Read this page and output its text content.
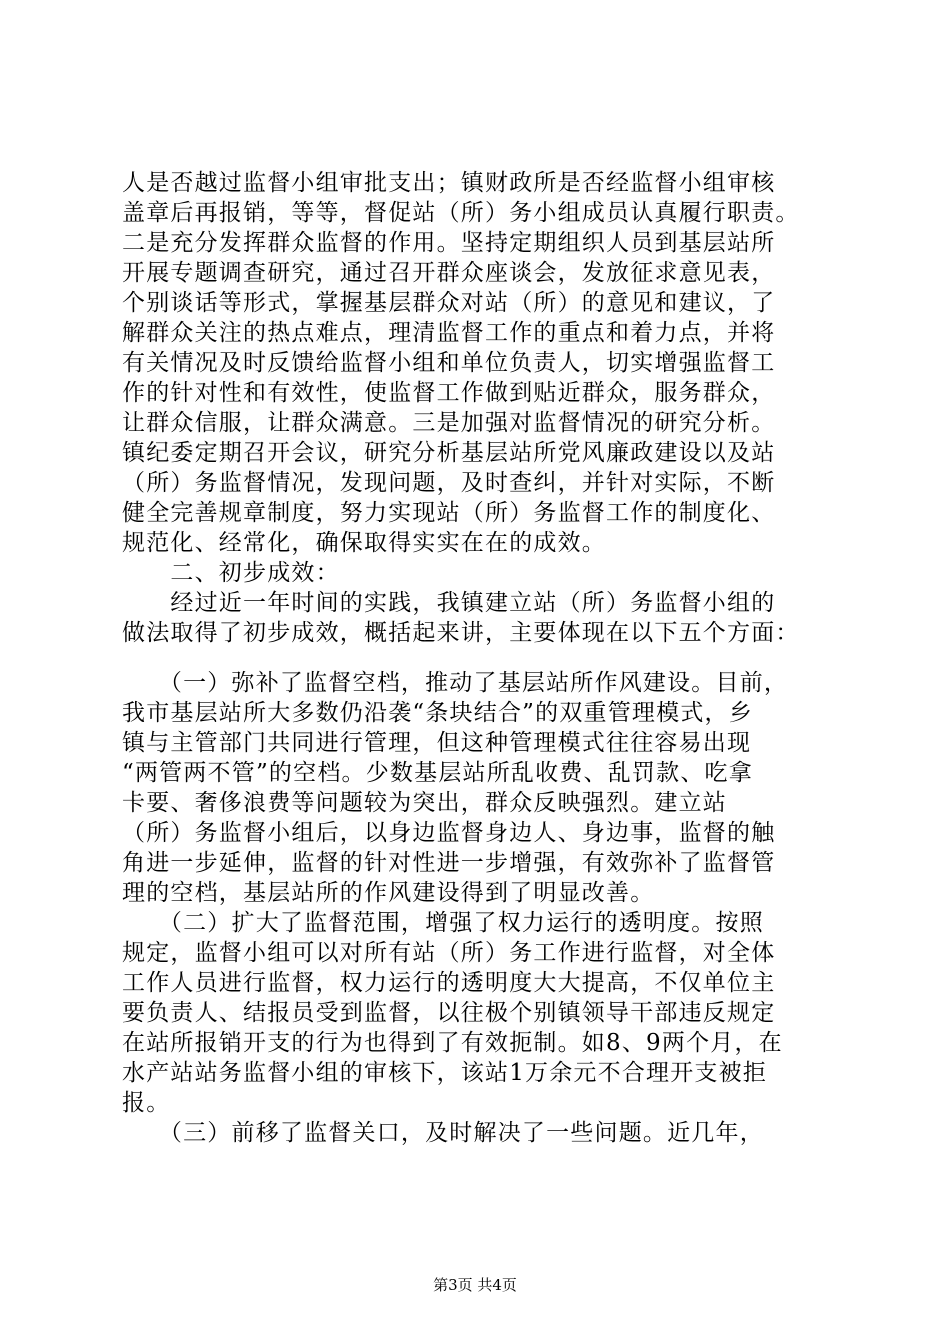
人是否越过监督小组审批支出；镇财政所是否经监督小组审核
盖章后再报销，等等，督促站（所）务小组成员认真履行职责。
二是充分发挥群众监督的作用。坚持定期组织人员到基层站所
开展专题调查研究，通过召开群众座谈会，发放征求意见表，
个别谈话等形式，掌握基层群众对站（所）的意见和建议，了
解群众关注的热点难点，理清监督工作的重点和着力点，并将
有关情况及时反馈给监督小组和单位负责人，切实增强监督工
作的针对性和有效性，使监督工作做到贴近群众，服务群众，
让群众信服，让群众满意。三是加强对监督情况的研究分析。
镇纪委定期召开会议，研究分析基层站所党风廉政建设以及站
（所）务监督情况，发现问题，及时查纠，并针对实际，不断
健全完善规章制度，努力实现站（所）务监督工作的制度化、
规范化、经常化，确保取得实实在在的成效。
　　二、初步成效：
　　经过近一年时间的实践，我镇建立站（所）务监督小组的
做法取得了初步成效，概括起来讲，主要体现在以下五个方面：
　　（一）弥补了监督空档，推动了基层站所作风建设。目前，
我市基层站所大多数仍沿袭“条块结合”的双重管理模式，乡
镇与主管部门共同进行管理，但这种管理模式往往容易出现
“两管两不管”的空档。少数基层站所乱收费、乱罚款、吃拿
卡要、奢侈浪费等问题较为突出，群众反映强烈。建立站
（所）务监督小组后，以身边监督身边人、身边事，监督的触
角进一步延伸，监督的针对性进一步增强，有效弥补了监督管
理的空档，基层站所的作风建设得到了明显改善。
　　（二）扩大了监督范围，增强了权力运行的透明度。按照
规定，监督小组可以对所有站（所）务工作进行监督，对全体
工作人员进行监督，权力运行的透明度大大提高，不仅单位主
要负责人、结报员受到监督，以往极个别镇领导干部违反规定
在站所报销开支的行为也得到了有效扼制。如8、9两个月，在
水产站站务监督小组的审核下，该站1万余元不合理开支被拒
报。
　　（三）前移了监督关口，及时解决了一些问题。近几年，
第3页 共4页
